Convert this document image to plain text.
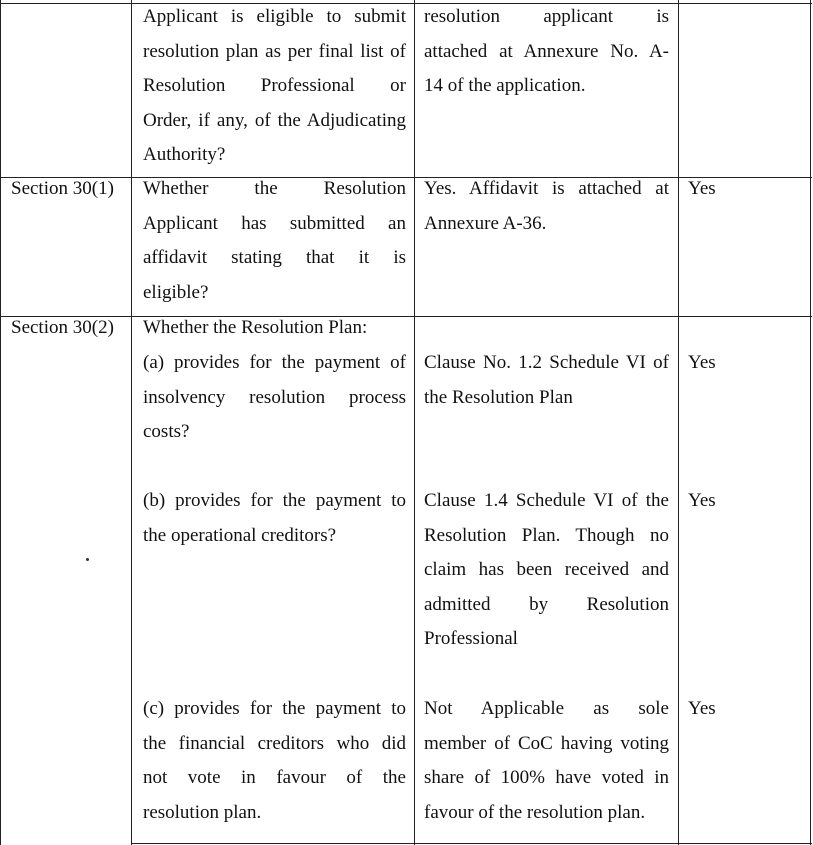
Applicant is eligible to submit
resolution plan as per final list of
Resolution Professional or
Order, if any, of the Adjudicating
Authority?
resolution applicant is
attached at Annexure No. A-
14 of the application.
Section 30(1)	Whether the Resolution
Applicant has submitted an
affidavit stating that it is
eligible?
Yes. Affidavit is attached at
Annexure A-36.
Yes
Section 30(2)	Whether the Resolution Plan:
(a) provides for the payment of
insolvency resolution process
costs?
Clause No. 1.2 Schedule VI of
the Resolution Plan
Yes
(b) provides for the payment to
the operational creditors?
Clause 1.4 Schedule VI of the
Resolution Plan. Though no
claim has been received and
admitted by Resolution
Professional
Yes
(c) provides for the payment to
the financial creditors who did
not vote in favour of the
resolution plan.
Not Applicable as sole
member of CoC having voting
share of 100% have voted in
favour of the resolution plan.
Yes
